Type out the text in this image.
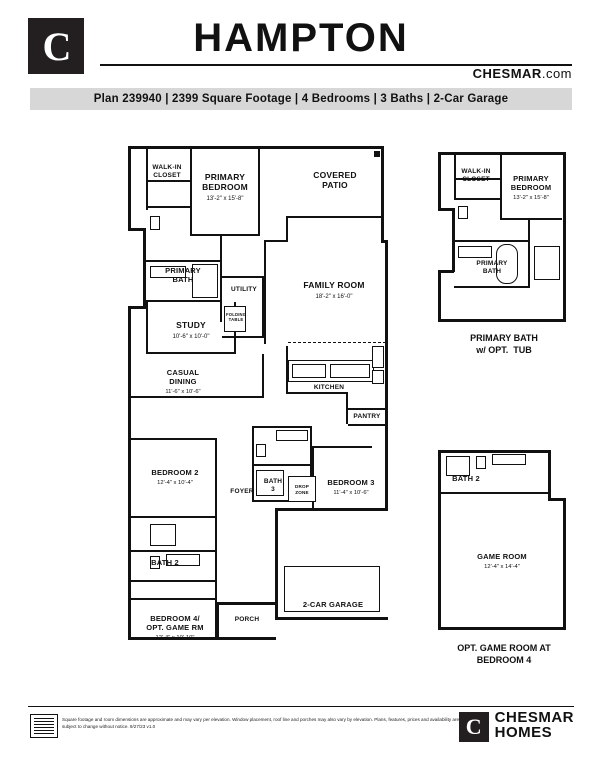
C	HAMPTON
CHESMAR.com
Plan 239940 | 2399 Square Footage | 4 Bedrooms | 3 Baths | 2-Car Garage
WALK-IN
CLOSET	PRIMARY
BEDROOM
13'-2" x 15'-8"
COVERED
PATIO
PRIMARY
BATH
FAMILY ROOM
18'-2" x 16'-0"
UTILITY
FOLDING
TABLE
STUDY
10'-6" x 10'-0"
CASUAL
DINING
11'-6" x 10'-6"
KITCHEN
PANTRY
BEDROOM 2
12'-4" x 10'-4"	BATH
3
BEDROOM 3
11'-4" x 10'-6"
FOYER
DROP
ZONE
BATH 2
BEDROOM 4/
OPT. GAME RM
12'-4" x 10'-10"
PORCH
2-CAR GARAGE
WALK-IN
CLOSET	PRIMARY
BEDROOM
13'-2" x 15'-8"
PRIMARY
BATH
PRIMARY BATH
w/ OPT.  TUB
BATH 2
GAME ROOM
12'-4" x 14'-4"
OPT. GAME ROOM AT
BEDROOM 4
Square footage and room dimensions are approximate and may vary per elevation. Window placement, roof line and porches may also vary by elevation. Plans, features, prices and availability are subject to change without notice. 9/27/23 v1.0	C CHESMAR
HOMES
